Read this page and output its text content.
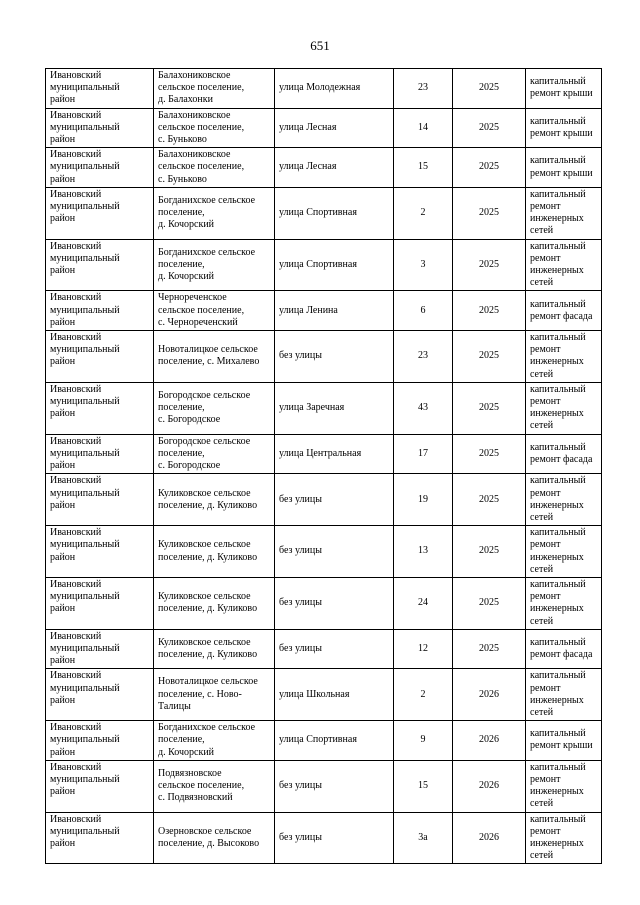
651
Ивановский
муниципальный
район	Балахониковское
сельское поселение,
д. Балахонки	улица Молодежная	23	2025	капитальный
ремонт крыши

Ивановский
муниципальный
район	Балахониковское
сельское поселение,
с. Буньково	улица Лесная	14	2025	капитальный
ремонт крыши

Ивановский
муниципальный
район	Балахониковское
сельское поселение,
с. Буньково	улица Лесная	15	2025	капитальный
ремонт крыши

Ивановский
муниципальный
район	Богданихское сельское
поселение,
д. Кочорский	улица Спортивная	2	2025	капитальный
ремонт
инженерных
сетей

Ивановский
муниципальный
район	Богданихское сельское
поселение,
д. Кочорский	улица Спортивная	3	2025	капитальный
ремонт
инженерных
сетей

Ивановский
муниципальный
район	Чернореченское
сельское поселение,
с. Чернореченский	улица Ленина	6	2025	капитальный
ремонт фасада

Ивановский
муниципальный
район	Новоталицкое сельское
поселение, с. Михалево	без улицы	23	2025	капитальный
ремонт
инженерных
сетей

Ивановский
муниципальный
район	Богородское сельское
поселение,
с. Богородское	улица Заречная	43	2025	капитальный
ремонт
инженерных
сетей

Ивановский
муниципальный
район	Богородское сельское
поселение,
с. Богородское	улица Центральная	17	2025	капитальный
ремонт фасада

Ивановский
муниципальный
район	Куликовское сельское
поселение, д. Куликово	без улицы	19	2025	капитальный
ремонт
инженерных
сетей

Ивановский
муниципальный
район	Куликовское сельское
поселение, д. Куликово	без улицы	13	2025	капитальный
ремонт
инженерных
сетей

Ивановский
муниципальный
район	Куликовское сельское
поселение, д. Куликово	без улицы	24	2025	капитальный
ремонт
инженерных
сетей

Ивановский
муниципальный
район	Куликовское сельское
поселение, д. Куликово	без улицы	12	2025	капитальный
ремонт фасада

Ивановский
муниципальный
район	Новоталицкое сельское
поселение, с. Ново-
Талицы	улица Школьная	2	2026	капитальный
ремонт
инженерных
сетей

Ивановский
муниципальный
район	Богданихское сельское
поселение,
д. Кочорский	улица Спортивная	9	2026	капитальный
ремонт крыши

Ивановский
муниципальный
район	Подвязновское
сельское поселение,
с. Подвязновский	без улицы	15	2026	капитальный
ремонт
инженерных
сетей

Ивановский
муниципальный
район	Озерновское сельское
поселение, д. Высоково	без улицы	3а	2026	капитальный
ремонт
инженерных
сетей
